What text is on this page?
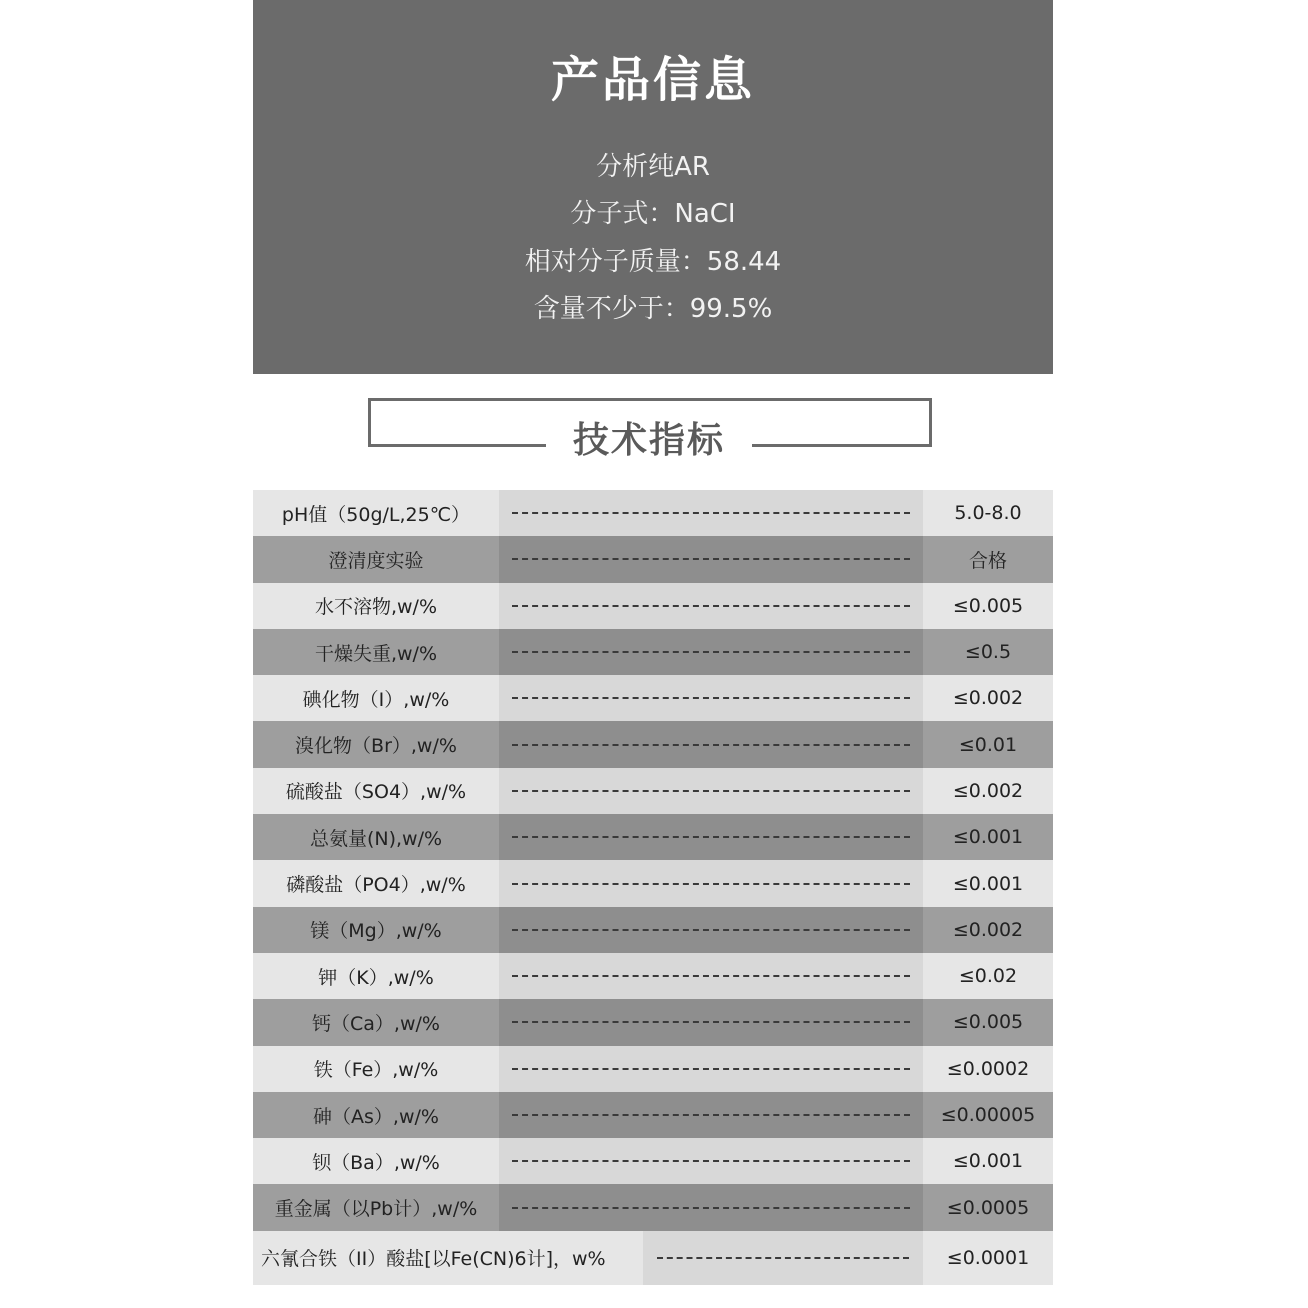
产品信息
分析纯AR
分子式：NaCI
相对分子质量：58.44
含量不少于：99.5%
技术指标
pH值（50g/L,25℃）	5.0-8.0
澄清度实验	合格
水不溶物,w/%	≤0.005
干燥失重,w/%	≤0.5
碘化物（I）,w/%	≤0.002
溴化物（Br）,w/%	≤0.01
硫酸盐（SO4）,w/%	≤0.002
总氨量(N),w/%	≤0.001
磷酸盐（PO4）,w/%	≤0.001
镁（Mg）,w/%	≤0.002
钾（K）,w/%	≤0.02
钙（Ca）,w/%	≤0.005
铁（Fe）,w/%	≤0.0002
砷（As）,w/%	≤0.00005
钡（Ba）,w/%	≤0.001
重金属（以Pb计）,w/%	≤0.0005
六氰合铁（II）酸盐[以Fe(CN)6计]，w%	≤0.0001
